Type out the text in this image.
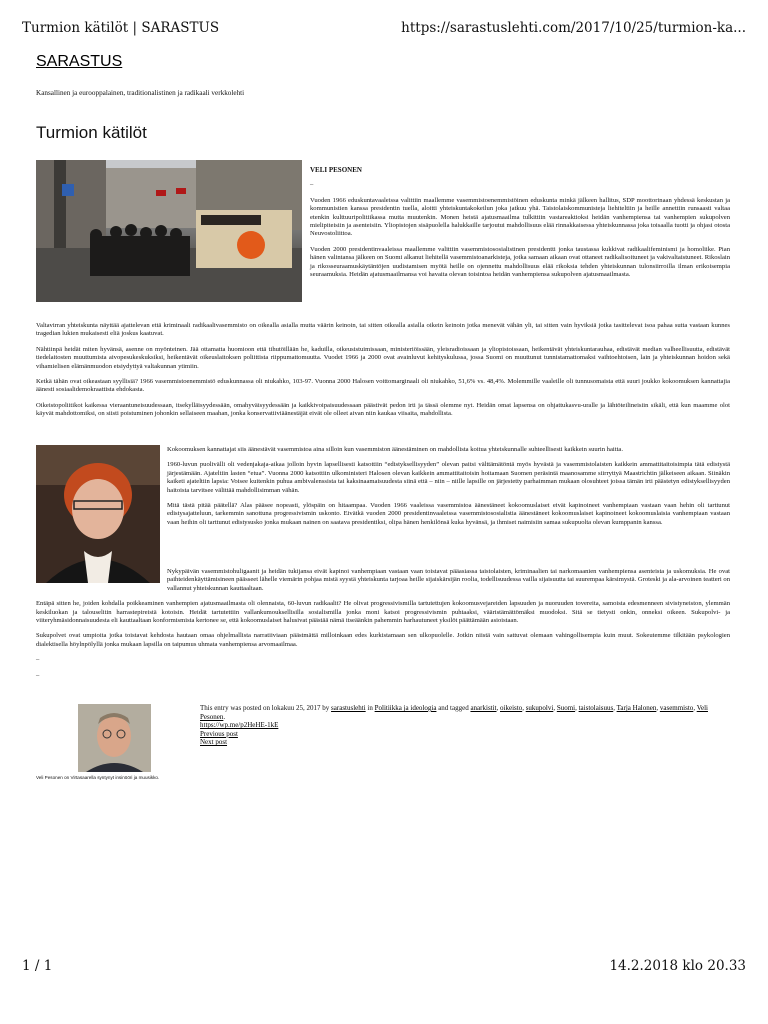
Turmion kätilöt | SARASTUS	https://sarastuslehti.com/2017/10/25/turmion-ka...
SARASTUS
Kansallinen ja eurooppalainen, traditionalistinen ja radikaali verkkolehti
Turmion kätilöt

VELI PESONEN

–

Vuoden 1966 eduskuntavaaleissa valittiin maallemme vasemmistoenemmistöinen eduskunta minkä jälkeen hallitus, SDP moottorinaan yhdessä keskustan ja kommunistien kanssa presidentin tuella, aloitti yhteiskuntakokeilun joka jatkuu yhä. Taistolaiskommunisteja liehiteltiin ja heille annettiin runsaasti valtaa etenkin kulttuuripolitiikassa mutta muutenkin. Monen heistä ajatusmaailma tulkittiin vastareaktioksi heidän vanhempiensa tai vanhempien sukupolven mielipiteisiin ja asenteisiin. Yliopistojen sisäpuolella halukkaille tarjoutui mahdollisuus elää rinnakkaisessa yhteiskunnassa joka toisaalla tuotti ja ohjasi otosta Neuvostoliittoa.

Vuoden 2000 presidentinvaaleissa maallemme valittiin vasemmistososialistinen presidentti jonka taustassa kukkivat radikaalifeminismi ja homoliike. Pian hänen valintansa jälkeen on Suomi alkanut liehitellä vasemmistoanarkisteja, jotka samaan aikaan ovat ottaneet radikalisoituneet ja vakivaltaistuneet. Rikoslain ja rikosseuraamuskäytäntöjen uudistamisen myötä heille on ojennettu mahdollisuus elää rikoksia tehden yhteiskunnan tulonsiirroilla ilman erikoisempia seuraamuksia. Heidän ajatusmaailmansa voi havaita olevan toisintoa heidän vanhempiensa sukupolven ajatusmaailmasta.

Valtavirran yhteiskunta näyttää ajattelevan että kriminaali radikaalivasemmisto on oikealla asialla mutta väärin keinoin, tai sitten oikealla asialla oikein keinoin jotka menevät vähän yli, tai sitten vain hyviksiä jotka tasittelevat isoa pahaa sutta vastaan kunnes tragedian lukien mukaisesti eliä joskus kaatuvat.

Nähtiinpä heidät miten hyvänsä, asenne on myönteinen. Jää ottamatta huomioon että tihutöillään he, kaduilla, oikeusistuimissaan, ministeriöissään, yleisradioissaan ja yliopistoissaan, heikentävät yhteiskuntarauhaa, edistävät median valheellisuutta, edistävät tiedelaitosten muuttumista aivopesukeskuksiksi, heikentävät oikeuslaitoksen poliittista riippumattomuutta. Vuodet 1966 ja 2000 ovat avainluvut kehityskulussa, jossa Suomi on muuttunut tunnistamattomaksi vaihtoehtoisen, lain ja yhteiskunnan hoidon sekä vihamielisen elämänmuodon etsiydyttyä valtakunnan ytimiin.

Ketkä tähän ovat oikeastaan syyllisiä? 1966 vasemmistoenemmistö eduskunnassa oli niukahko, 103-97. Vuonna 2000 Halosen voittomarginaali oli niukahko, 51,6% vs. 48,4%. Molemmille vaaleille oli tunnusomaista että suuri joukko kokoomuksen kannattajia äänesti sosiaalidemokraattista ehdokasta.

Oikeistopoliitikot kaikessa vieraantuneisuudessaan, itsekylläisyydessään, omahyväisyydessään ja kaikkivoipaisuudessaan päästivät pedon irti ja tässä olemme nyt. Heidän omat lapsensa on ohjattukasvu-uralle ja lähtöteilineisiin sikäli, että kun maamme olot käyvät mahdottomiksi, on siisti poistuminen johonkin sellaiseen maahan, jonka konservatiiviäänestäjät eivät ole olleet aivan niin kaukaa viisaita, mahdollista.

Kokoomuksen kannattajat siis äänestävät vasemmistoa aina silloin kun vasemmiston äänestäminen on mahdollista koitua yhteiskunnalle suhteellisesti kaikkein suurin haitta.

1960-luvun puolivälli oli vedenjakaja-aikaa jolloin hyvin lapsellisesti katsottiin “edistyksellisyyden” olevan paitsi välttämätöntä myös hyvästä ja vasemmistolaisten kaikkein ammattitaitoisimpia tätä edistystä järjestämään. Ajateltiin lasten “etua”. Vuonna 2000 katsottiin ulkoministeri Halosen olevan kaikkein ammattitaitoisin hoitamaan Suomen peräsintä maanosamme siirryttyä Maastrichtin jälkeiseen aikaan. Siinäkin kaiketi ajateltiin lapsia: Voisee kuitenkin puhua ambivalenssista tai kaksinaamaisuudesta siinä että – niin – niille lapsille on järjestetty parhaimman mukaan olosuhteet joissa tämän irti päästetyn edistyksellisyyden haitoista tarvitsee välittää mahdollisimman vähän.

Mitä tästä pitää päätellä? Alas pääsee nopeasti, ylöspäin on hitaampaa. Vuoden 1966 vaaleissa vasemmistoa äänestäneet kokoomuslaiset eivät kapinoineet vanhempiaan vastaan vaan hehin oli tarttunut edistysajatteluun, tarkemmin sanottuna progressivismin uskonto. Eivätkä vuoden 2000 presidentinvaaleissa vasemmistososialistia äänestäneet kokoomuslaiset kapinoineet kokoomuslaisia vanhempiaan vastaan vaan heihin oli tarttunut edistysusko jonka mukaan nainen on saatava presidentiksi, olipa hänen henkilönsä kuka hyvänsä, ja ihmiset naimisiin samaa sukupuolta olevan kumppanin kanssa.

Nykypäivän vasemmistohuligaanit ja heidän tukijansa eivät kapinoi vanhempiaan vastaan vaan toistavat pääasiassa taistolaisten, kriminaalien tai narkomaanien vanhempiensa asenteista ja uskomuksia. He ovat paihteidenkäyttämisineen päässeet lähelle viemärin pohjaa mistä syystä yhteiskunta tarjoaa heille sijaiskärsijän roolia, todellisuudessa vailla sijaisuutta tai suurempaa kärsimystä. Groteski ja ala-arvoinen teatteri on vallannut yhteiskunnan kauttaaltaan.

Entäpä sitten he, joiden kohdalla poikkeaminen vanhempien ajatusmaailmasta oli olennaista, 60-luvun radikaalit? He olivat progressivismilla tartutettujen kokoomusvejareiden lapsuuden ja nuoruuden tovereita, samoista edesmenneen sivistyneiston, ylemmän keskiluokan ja talouselitin harrastepireistä kotoisin. Heidät tartutettiin vallankumouksellisilla sosialismilla jonka moni katsoi progressivismin puhtaaksi, vääristämättömäksi muodoksi. Sitä se tietysti onkin, onneksi oikeen. Sukupolvi- ja viiteryhmäsidonnaisuudesta eli kauttaaltaan konformismista kertonee se, että kokoomuslaiset halusivat päästää nämä itseäänkin pahemmin harhautuneet yksilöt päättämään asioistaan.

Sukupolvet ovat umpioita jotka toistavat kehdosta hautaan omaa ohjelmallista narratiiviaan päästmättä milloinkaan edes kurkistamaan sen ulkopuolelle. Jotkin niistä vain sattuvat olemaan vahingollisempia kuin muut. Sokeutemme tilkitään psykologien dialektisella höylnpölyllä jonka mukaan lapsilla on taipumus uhmata vanhempiensa arvomaailmaa.

–

–

Veli Pesonen on Virtasaarella syntynyt insinööri ja muusikko.
This entry was posted on lokakuu 25, 2017 by sarastuslehti in Politiikka ja ideologia and tagged anarkistit, oikeisto, sukupolvi, Suomi, taistolaisuus, Tarja Halonen, vasemmisto, Veli Pesonen.
https://wp.me/p2HeHE-1kE
Previous post
Next post
1 / 1	14.2.2018 klo 20.33
